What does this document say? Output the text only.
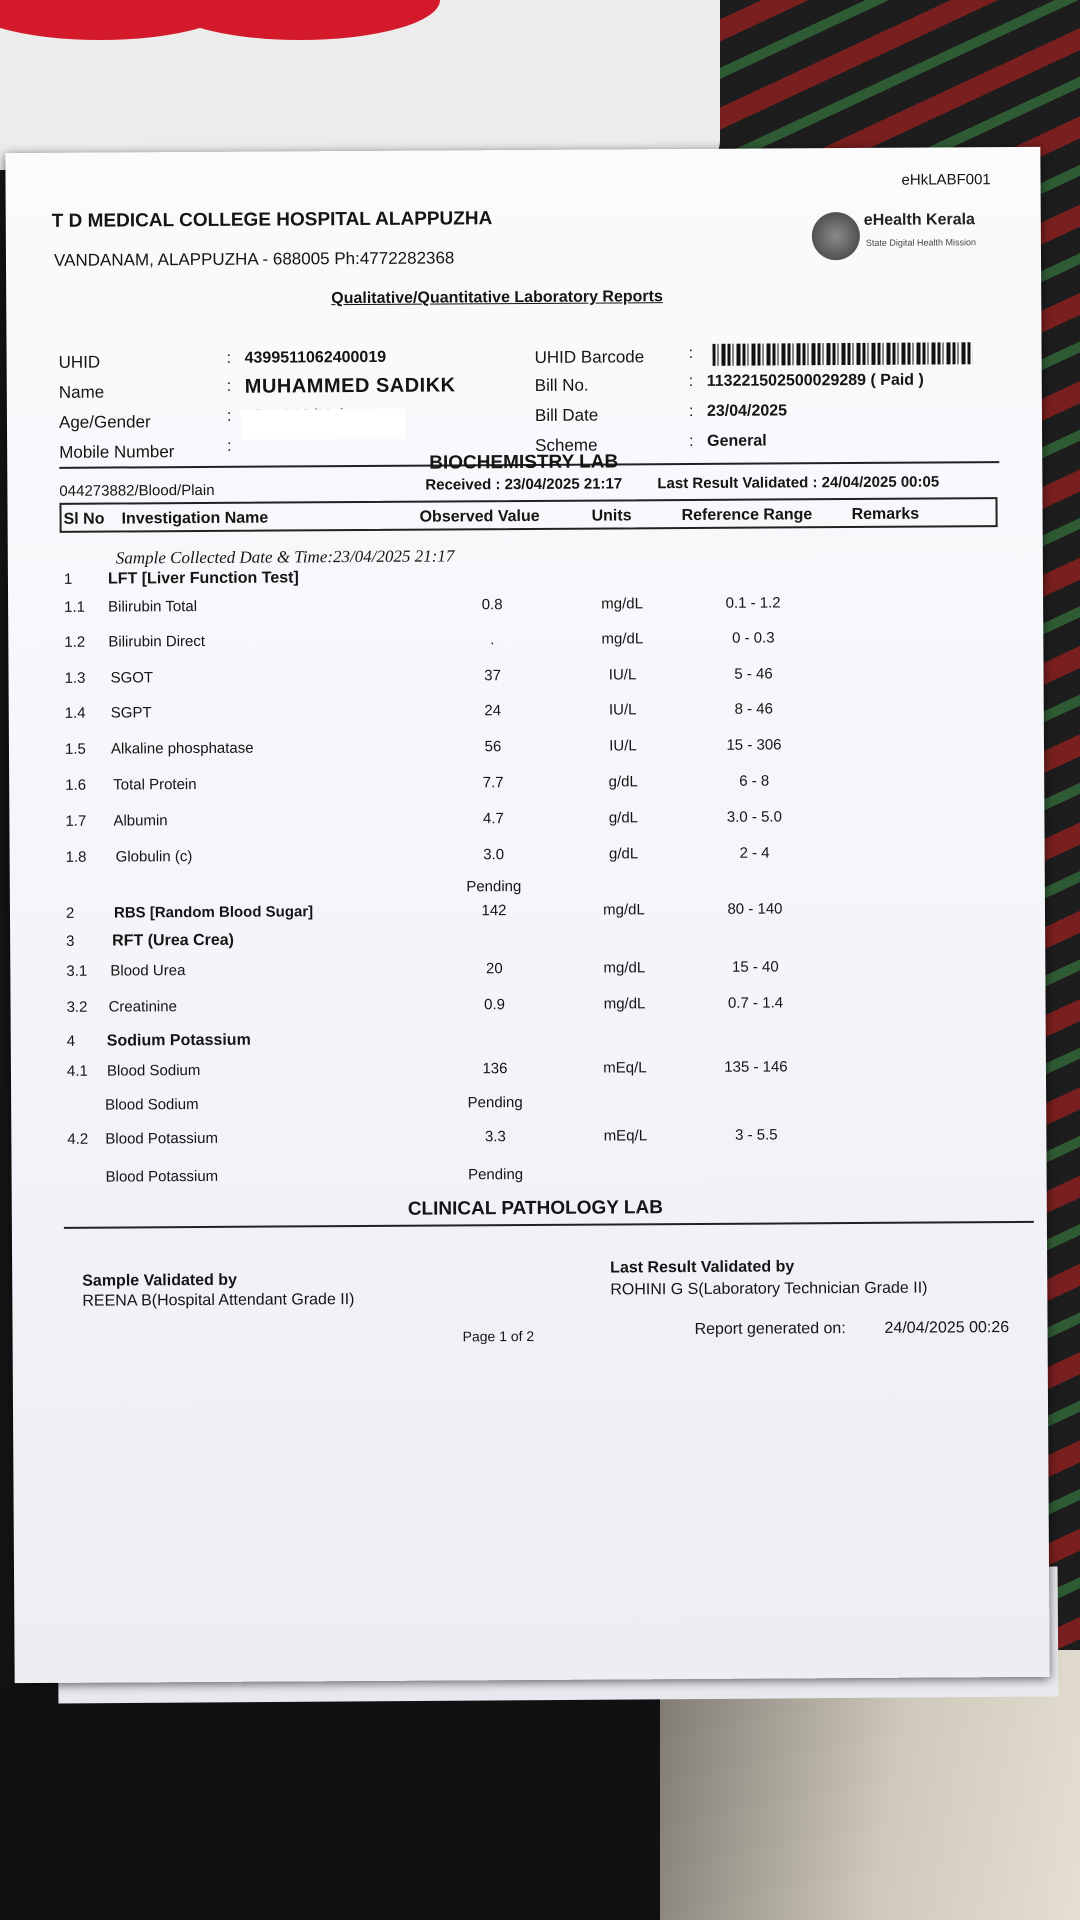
eHkLABF001
T D MEDICAL COLLEGE HOSPITAL ALAPPUZHA
VANDANAM, ALAPPUZHA - 688005 Ph:4772282368
eHealth Kerala
State Digital Health Mission
Qualitative/Quantitative Laboratory Reports
UHID	: 4399511062400019
Name	: MUHAMMED SADIKK
Age/Gender	:
Mobile Number	:
UHID Barcode	:
Bill No.	: 113221502500029289 ( Paid )
Bill Date	: 23/04/2025
Scheme	: General
BIOCHEMISTRY LAB
044273882/Blood/Plain	Received : 23/04/2025 21:17 Last Result Validated : 24/04/2025 00:05
Sl No Investigation Name	Observed Value	Units	Reference Range Remarks
Sample Collected Date & Time:23/04/2025 21:17
1 LFT [Liver Function Test]
1.1 Bilirubin Total	0.8	mg/dL	0.1 - 1.2
1.2 Bilirubin Direct	.	mg/dL	0 - 0.3
1.3 SGOT	37	IU/L	5 - 46
1.4 SGPT	24	IU/L	8 - 46
1.5 Alkaline phosphatase	56	IU/L	15 - 306
1.6 Total Protein	7.7	g/dL	6 - 8
1.7 Albumin	4.7	g/dL	3.0 - 5.0
1.8 Globulin (c)	3.0	g/dL	2 - 4
Pending
2	RBS [Random Blood Sugar]	142	mg/dL	80 - 140
3 RFT (Urea Crea)
3.1 Blood Urea	20	mg/dL	15 - 40
3.2 Creatinine	0.9	mg/dL	0.7 - 1.4
4 Sodium Potassium
4.1 Blood Sodium	136	mEq/L	135 - 146
Blood Sodium	Pending
4.2 Blood Potassium	3.3	mEq/L	3 - 5.5
Blood Potassium	Pending
CLINICAL PATHOLOGY LAB
Sample Validated by
REENA B(Hospital Attendant Grade II)
Last Result Validated by
ROHINI G S(Laboratory Technician Grade II)
Page 1 of 2	Report generated on: 24/04/2025 00:26
